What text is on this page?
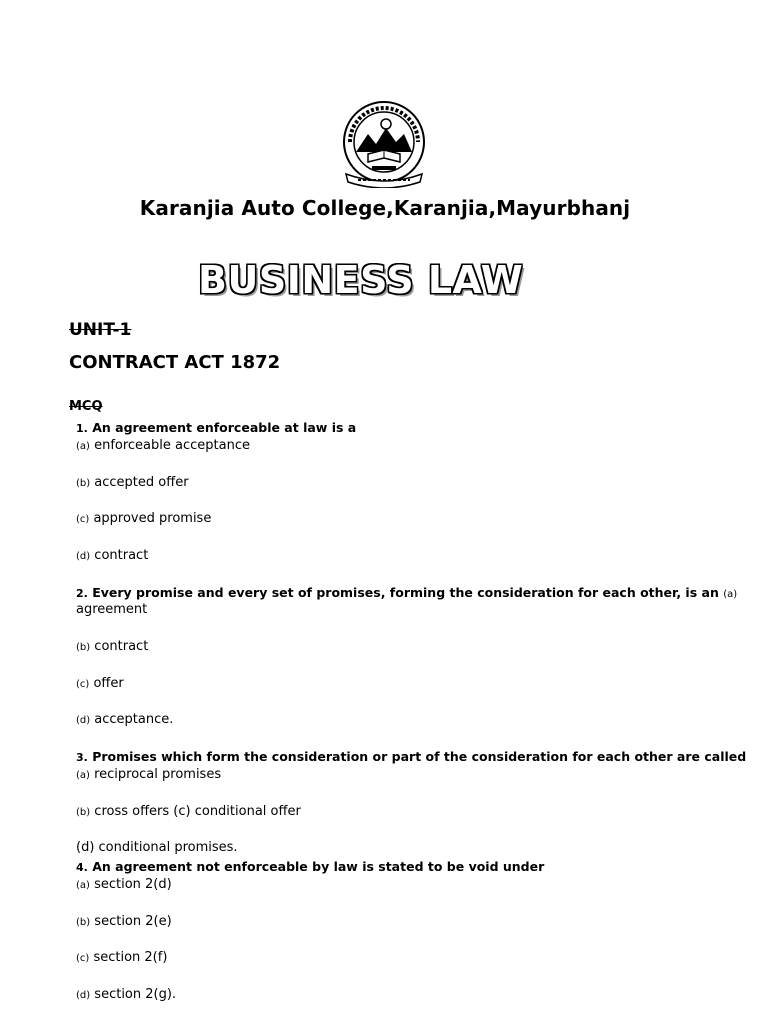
Karanjia Auto College,Karanjia,Mayurbhanj
BUSINESS LAW
UNIT-1
CONTRACT ACT 1872
MCQ
1. An agreement enforceable at law is a
(a) enforceable acceptance
(b) accepted offer
(c) approved promise
(d) contract
2. Every promise and every set of promises, forming the consideration for each other, is an (a)
agreement
(b) contract
(c) offer
(d) acceptance.
3. Promises which form the consideration or part of the consideration for each other are called
(a) reciprocal promises
(b) cross offers (c) conditional offer
(d) conditional promises.
4. An agreement not enforceable by law is stated to be void under
(a) section 2(d)
(b) section 2(e)
(c) section 2(f)
(d) section 2(g).
